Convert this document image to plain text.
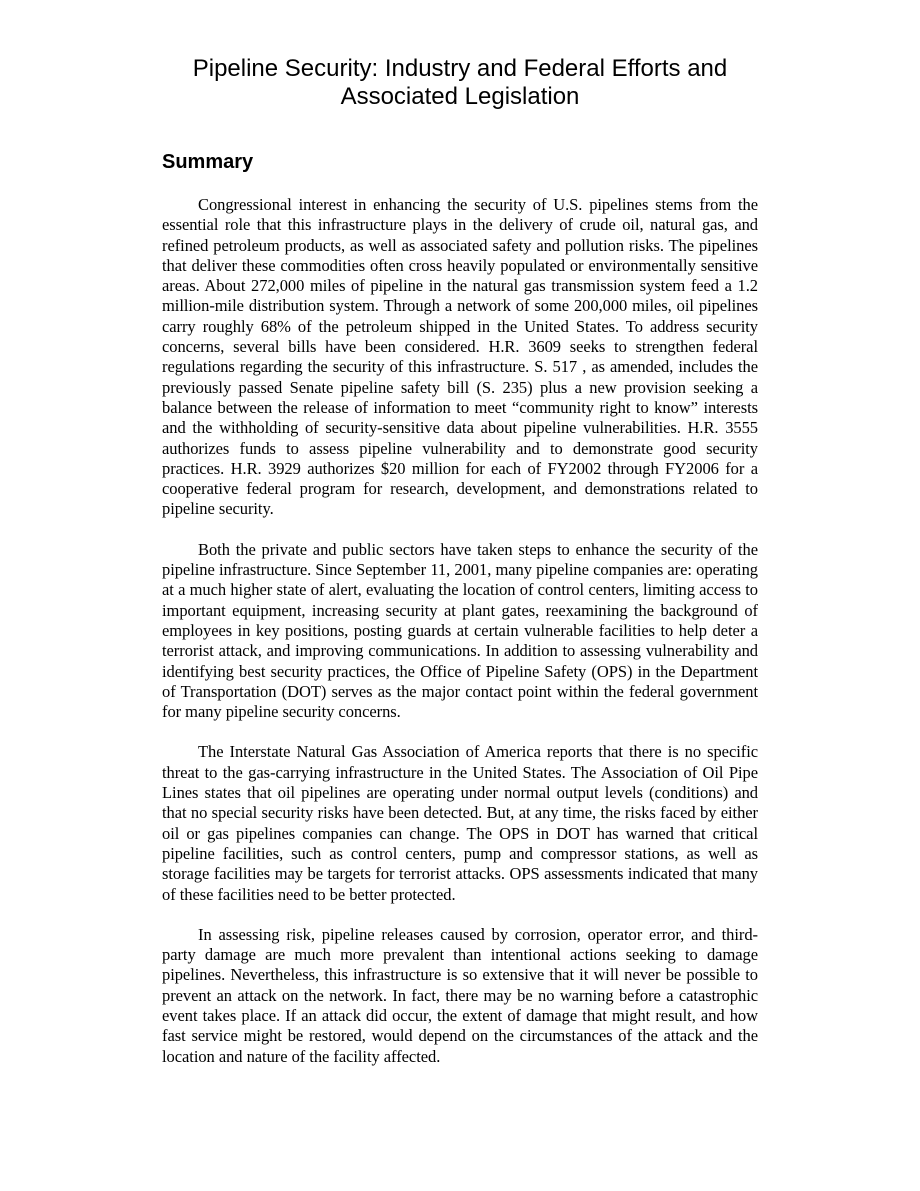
Pipeline Security: Industry and Federal Efforts and
Associated Legislation
Summary

Congressional interest in enhancing the security of U.S. pipelines stems from the essential role that this infrastructure plays in the delivery of crude oil, natural gas, and refined petroleum products, as well as associated safety and pollution risks. The pipelines that deliver these commodities often cross heavily populated or environmentally sensitive areas. About 272,000 miles of pipeline in the natural gas transmission system feed a 1.2 million-mile distribution system. Through a network of some 200,000 miles, oil pipelines carry roughly 68% of the petroleum shipped in the United States. To address security concerns, several bills have been considered. H.R. 3609 seeks to strengthen federal regulations regarding the security of this infrastructure. S. 517 , as amended, includes the previously passed Senate pipeline safety bill (S. 235) plus a new provision seeking a balance between the release of information to meet “community right to know” interests and the withholding of security-sensitive data about pipeline vulnerabilities. H.R. 3555 authorizes funds to assess pipeline vulnerability and to demonstrate good security practices. H.R. 3929 authorizes $20 million for each of FY2002 through FY2006 for a cooperative federal program for research, development, and demonstrations related to pipeline security.

Both the private and public sectors have taken steps to enhance the security of the pipeline infrastructure. Since September 11, 2001, many pipeline companies are: operating at a much higher state of alert, evaluating the location of control centers, limiting access to important equipment, increasing security at plant gates, reexamining the background of employees in key positions, posting guards at certain vulnerable facilities to help deter a terrorist attack, and improving communications. In addition to assessing vulnerability and identifying best security practices, the Office of Pipeline Safety (OPS) in the Department of Transportation (DOT) serves as the major contact point within the federal government for many pipeline security concerns.

The Interstate Natural Gas Association of America reports that there is no specific threat to the gas-carrying infrastructure in the United States. The Association of Oil Pipe Lines states that oil pipelines are operating under normal output levels (conditions) and that no special security risks have been detected. But, at any time, the risks faced by either oil or gas pipelines companies can change. The OPS in DOT has warned that critical pipeline facilities, such as control centers, pump and compressor stations, as well as storage facilities may be targets for terrorist attacks. OPS assessments indicated that many of these facilities need to be better protected.

In assessing risk, pipeline releases caused by corrosion, operator error, and third-party damage are much more prevalent than intentional actions seeking to damage pipelines. Nevertheless, this infrastructure is so extensive that it will never be possible to prevent an attack on the network. In fact, there may be no warning before a catastrophic event takes place. If an attack did occur, the extent of damage that might result, and how fast service might be restored, would depend on the circumstances of the attack and the location and nature of the facility affected.
